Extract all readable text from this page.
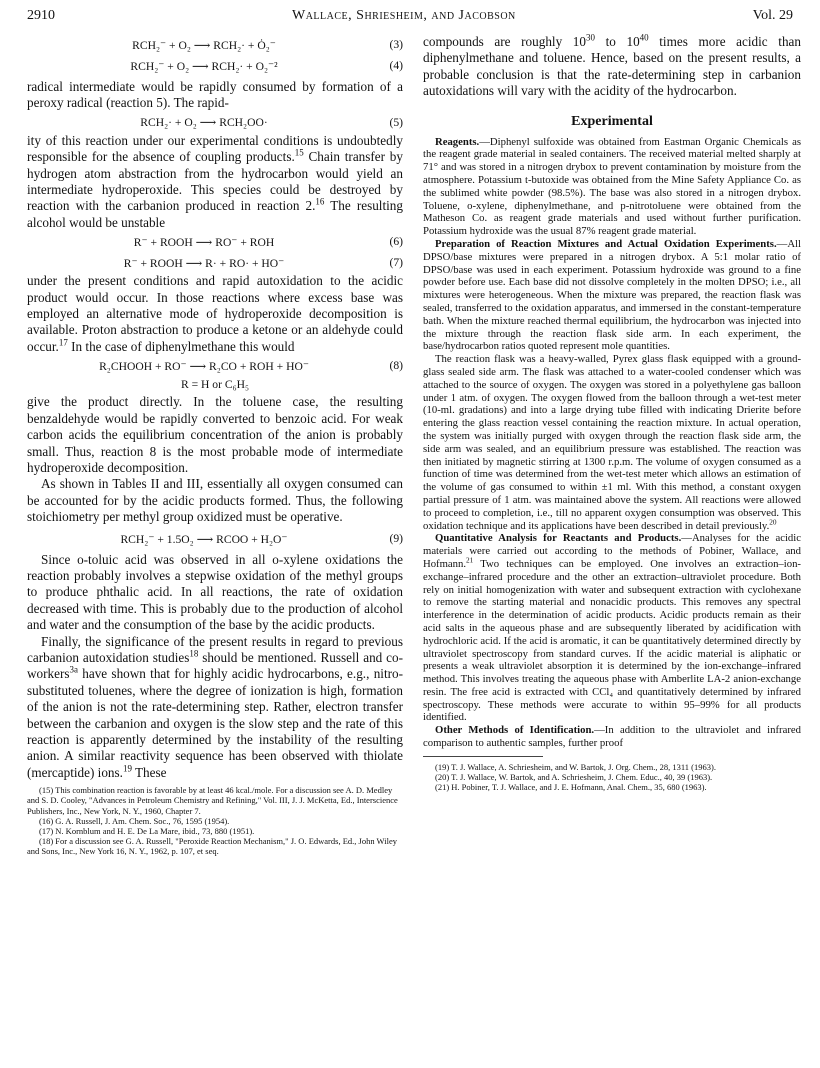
2910	Wallace, Shriesheim, and Jacobson	Vol. 29
RCH₂⁻ + O₂ ⟶ RCH₂· + Ȯ₂⁻	(3)
RCH₂⁻ + O₂ ⟶ RCH₂· + O₂⁻²	(4)

radical intermediate would be rapidly consumed by formation of a peroxy radical (reaction 5). The rapid-

RCH₂· + O₂ ⟶ RCH₂OO·	(5)

ity of this reaction under our experimental conditions is undoubtedly responsible for the absence of coupling products.$^{15}$ Chain transfer by hydrogen atom abstraction from the hydrocarbon would yield an intermediate hydroperoxide. This species could be destroyed by reaction with the carbanion produced in reaction 2.16 The resulting alcohol would be unstable

R⁻ + ROOH ⟶ RO⁻ + ROH	(6)
R⁻ + ROOH ⟶ R· + RO· + HO⁻	(7)

under the present conditions and rapid autoxidation to the acidic product would occur. In those reactions where excess base was employed an alternative mode of hydroperoxide decomposition is available. Proton abstraction to produce a ketone or an aldehyde could occur.$^{17}$ In the case of diphenylmethane this would

R₂CHOOH + RO⁻ ⟶ R₂CO + ROH + HO⁻	(8)
R = H or C₆H₅

give the product directly. In the toluene case, the resulting benzaldehyde would be rapidly converted to benzoic acid. For weak carbon acids the equilibrium concentration of the anion is probably small. Thus, reaction 8 is the most probable mode of intermediate hydroperoxide decomposition.

As shown in Tables II and III, essentially all oxygen consumed can be accounted for by the acidic products formed. Thus, the following stoichiometry per methyl group oxidized must be operative.

RCH₂⁻ + 1.5O₂ ⟶ RCOO + H₂O⁻	(9)

Since o-toluic acid was observed in all o-xylene oxidations the reaction probably involves a stepwise oxidation of the methyl groups to produce phthalic acid. In all reactions, the rate of oxidation decreased with time. This is probably due to the production of alcohol and water and the consumption of the base by the acidic products.

Finally, the significance of the present results in regard to previous carbanion autoxidation studies$^{18}$ should be mentioned. Russell and co-workers$^{3a}$ have shown that for highly acidic hydrocarbons, e.g., nitro-substituted toluenes, where the degree of ionization is high, formation of the anion is not the rate-determining step. Rather, electron transfer between the carbanion and oxygen is the slow step and the rate of this reaction is apparently determined by the instability of the resulting anion. A similar reactivity sequence has been observed with thiolate (mercaptide) ions.$^{19}$ These

(15) This combination reaction is favorable by at least 46 kcal./mole. For a discussion see A. D. Medley and S. D. Cooley, "Advances in Petroleum Chemistry and Refining," Vol. III, J. J. McKetta, Ed., Interscience Publishers, Inc., New York, N. Y., 1960, Chapter 7.

(16) G. A. Russell, J. Am. Chem. Soc., 76, 1595 (1954).

(17) N. Kornblum and H. E. De La Mare, ibid., 73, 880 (1951).

(18) For a discussion see G. A. Russell, "Peroxide Reaction Mechanism," J. O. Edwards, Ed., John Wiley and Sons, Inc., New York 16, N. Y., 1962, p. 107, et seq.

compounds are roughly $10^{30}$ to $10^{40}$ times more acidic than diphenylmethane and toluene. Hence, based on the present results, a probable conclusion is that the rate-determining step in carbanion autoxidations will vary with the acidity of the hydrocarbon.

Experimental

Reagents.—Diphenyl sulfoxide was obtained from Eastman Organic Chemicals as the reagent grade material in sealed containers. The received material melted sharply at 71° and was stored in a nitrogen drybox to prevent contamination by moisture from the atmosphere. Potassium t-butoxide was obtained from the Mine Safety Appliance Co. as the sublimed white powder (98.5%). The base was also stored in a nitrogen drybox. Toluene, o-xylene, diphenylmethane, and p-nitrotoluene were obtained from the Matheson Co. as reagent grade materials and used without further purification. Potassium hydroxide was the usual 87% reagent grade material.

Preparation of Reaction Mixtures and Actual Oxidation Experiments.—All DPSO/base mixtures were prepared in a nitrogen drybox. A 5:1 molar ratio of DPSO/base was used in each experiment. Potassium hydroxide was ground to a fine powder before use. Each base did not dissolve completely in the molten DPSO; i.e., all mixtures were heterogeneous. When the mixture was prepared, the reaction flask was sealed, transferred to the oxidation apparatus, and immersed in the constant-temperature bath. When the mixture reached thermal equilibrium, the hydrocarbon was injected into the mixture through the reaction flask side arm. In each experiment, the base/hydrocarbon ratios quoted represent mole quantities.

The reaction flask was a heavy-walled, Pyrex glass flask equipped with a ground-glass sealed side arm. The flask was attached to a water-cooled condenser which was attached to the source of oxygen. The oxygen was stored in a polyethylene gas balloon under 1 atm. of oxygen. The oxygen flowed from the balloon through a wet-test meter (10-ml. gradations) and into a large drying tube filled with indicating Drierite before entering the glass reaction vessel containing the reaction mixture. In actual operation, the system was initially purged with oxygen through the reaction flask side arm, the side arm was sealed, and an equilibrium pressure was established. The reaction was then initiated by magnetic stirring at 1300 r.p.m. The volume of oxygen consumed as a function of time was determined from the wet-test meter which allows an estimation of the volume of gas consumed to within ±1 ml. With this method, a constant oxygen partial pressure of 1 atm. was maintained above the system. All reactions were allowed to proceed to completion, i.e., till no apparent oxygen consumption was observed. This oxidation technique and its applications have been described in detail previously.$^{20}$

Quantitative Analysis for Reactants and Products.—Analyses for the acidic materials were carried out according to the methods of Pobiner, Wallace, and Hofmann.$^{21}$ Two techniques can be employed. One involves an extraction–ion-exchange–infrared procedure and the other an extraction–ultraviolet procedure. Both rely on initial homogenization with water and subsequent extraction with cyclohexane to remove the starting material and nonacidic products. This removes any spectral interference in the determination of acidic products. Acidic products remain as their acid salts in the aqueous phase and are subsequently liberated by acidification with hydrochloric acid. If the acid is aromatic, it can be quantitatively determined directly by ultraviolet spectroscopy from standard curves. If the acidic material is aliphatic or presents a weak ultraviolet absorption it is determined by the ion-exchange–infrared method. This involves treating the aqueous phase with Amberlite LA-2 anion-exchange resin. The free acid is extracted with CCl₄ and quantitatively determined by infrared spectroscopy. These methods were accurate to within 95–99% for all products identified.

Other Methods of Identification.—In addition to the ultraviolet and infrared comparison to authentic samples, further proof

(19) T. J. Wallace, A. Schriesheim, and W. Bartok, J. Org. Chem., 28, 1311 (1963).

(20) T. J. Wallace, W. Bartok, and A. Schriesheim, J. Chem. Educ., 40, 39 (1963).

(21) H. Pobiner, T. J. Wallace, and J. E. Hofmann, Anal. Chem., 35, 680 (1963).
